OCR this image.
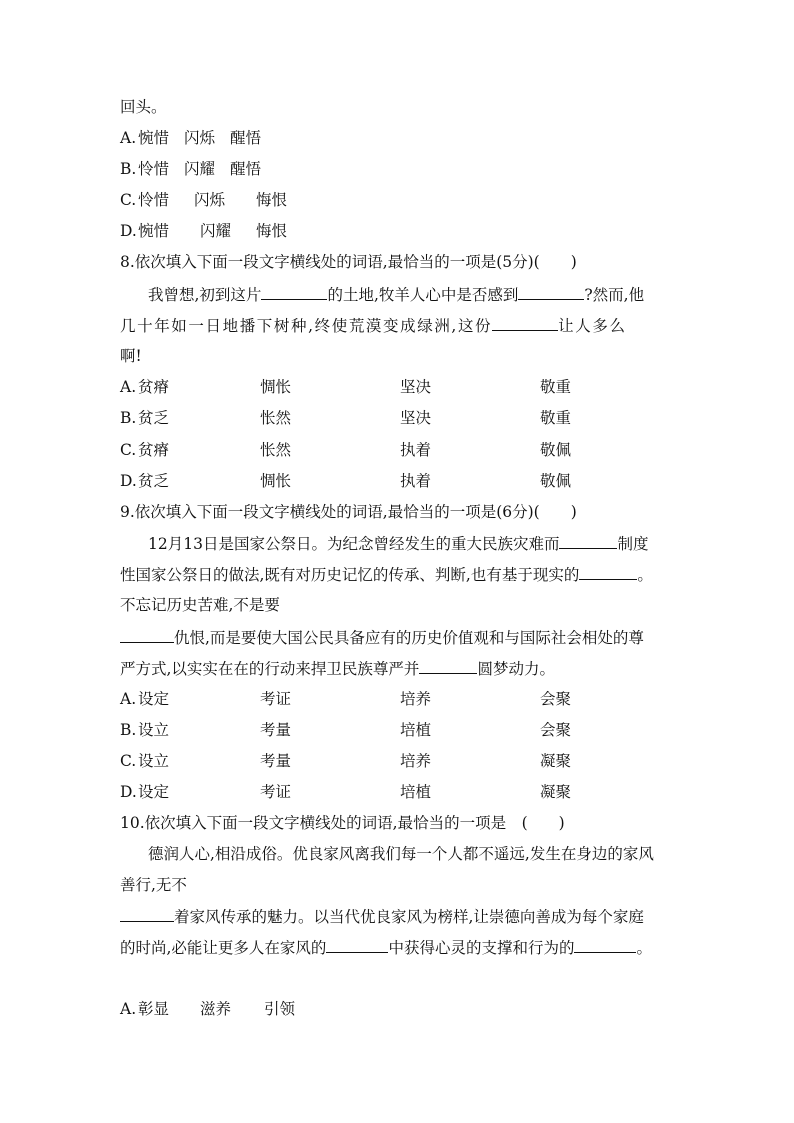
回头。
A. 惋惜 闪烁 醒悟
B. 怜惜 闪耀 醒悟
C. 怜惜 闪烁 悔恨
D. 惋惜 闪耀 悔恨
8.依次填入下面一段文字横线处的词语,最恰当的一项是(5分)(　　)
我曾想,初到这片	的土地,牧羊人心中是否感到	?然而,他
几十年如一日地播下树种,终使荒漠变成绿洲,这份	让人多么
啊!
A. 贫瘠	惆怅	坚决	敬重
B. 贫乏	怅然	坚决	敬重
C. 贫瘠	怅然	执着	敬佩
D. 贫乏	惆怅	执着	敬佩
9.依次填入下面一段文字横线处的词语,最恰当的一项是(6分)(　　)
12月13日是国家公祭日。为纪念曾经发生的重大民族灾难而	制度
性国家公祭日的做法,既有对历史记忆的传承、判断,也有基于现实的	。
不忘记历史苦难,不是要
仇恨,而是要使大国公民具备应有的历史价值观和与国际社会相处的尊
严方式,以实实在在的行动来捍卫民族尊严并	圆梦动力。
A. 设定	考证	培养	会聚
B. 设立	考量	培植	会聚
C. 设立	考量	培养	凝聚
D. 设定	考证	培植	凝聚
10.依次填入下面一段文字横线处的词语,最恰当的一项是　(　　)
德润人心,相沿成俗。优良家风离我们每一个人都不遥远,发生在身边的家风
善行,无不
着家风传承的魅力。以当代优良家风为榜样,让崇德向善成为每个家庭
的时尚,必能让更多人在家风的	中获得心灵的支撑和行为的	。
A. 彰显 滋养 引领
